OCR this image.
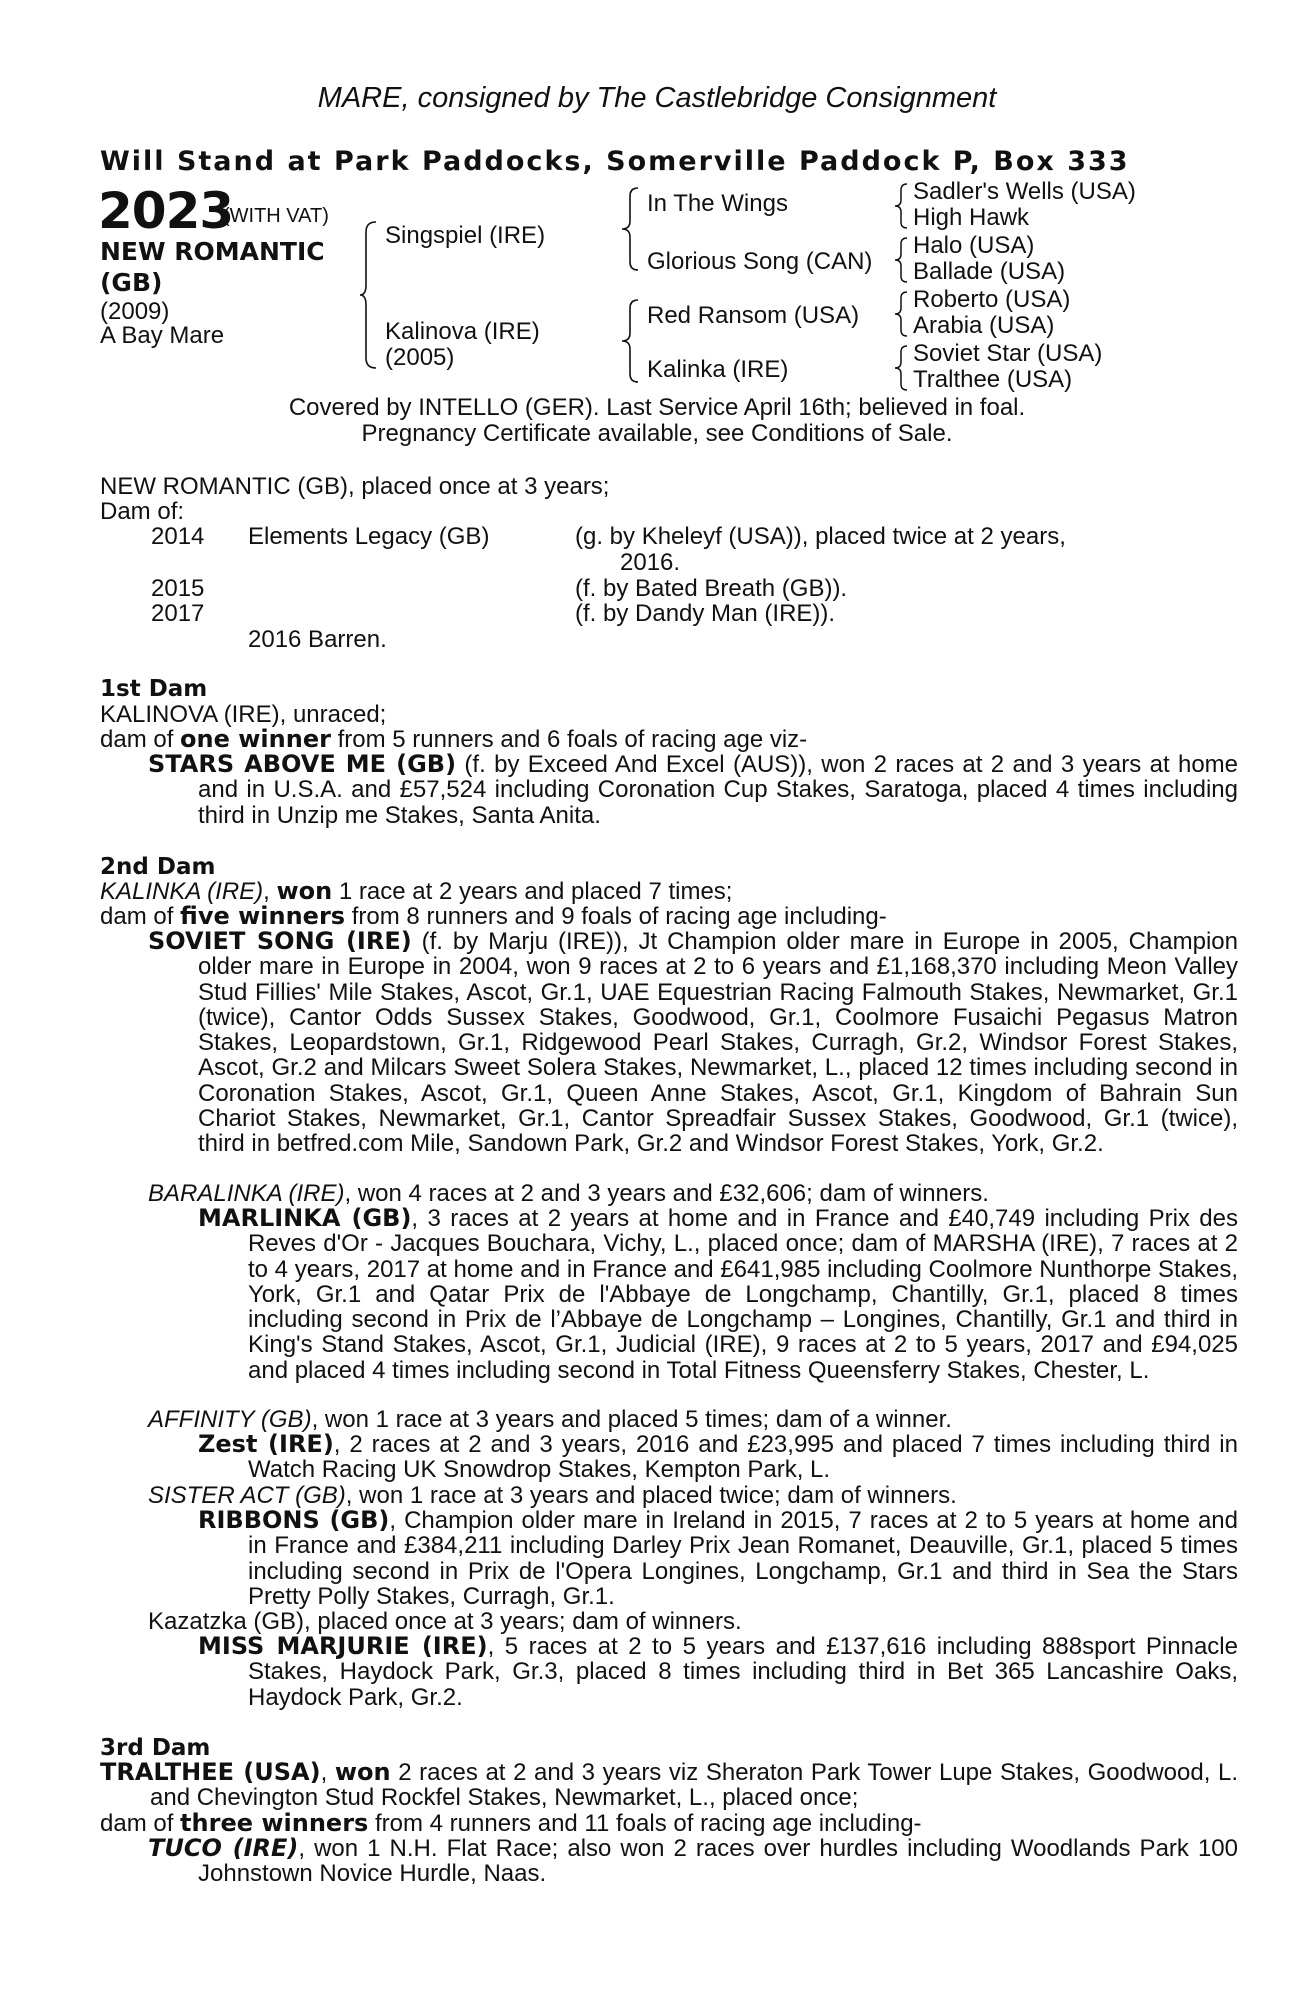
MARE, consigned by The Castlebridge Consignment
Will Stand at Park Paddocks, Somerville Paddock P, Box 333
2023
(WITH VAT)
NEW ROMANTIC (GB)
(2009)
A Bay Mare
Singspiel (IRE)
Kalinova (IRE)
(2005)
In The Wings
Glorious Song (CAN)
Red Ransom (USA)
Kalinka (IRE)
Sadler's Wells (USA)
High Hawk
Halo (USA)
Ballade (USA)
Roberto (USA)
Arabia (USA)
Soviet Star (USA)
Tralthee (USA)
Covered by INTELLO (GER). Last Service April 16th; believed in foal.
Pregnancy Certificate available, see Conditions of Sale.
NEW ROMANTIC (GB), placed once at 3 years;
Dam of:
2014 Elements Legacy (GB)	(g. by Kheleyf (USA)), placed twice at 2 years,
2016.
2015	(f. by Bated Breath (GB)).
2017	(f. by Dandy Man (IRE)).
2016 Barren.
1st Dam
KALINOVA (IRE), unraced;
dam of one winner from 5 runners and 6 foals of racing age viz-
STARS ABOVE ME (GB) (f. by Exceed And Excel (AUS)), won 2 races at 2 and 3 years at home and in U.S.A. and £57,524 including Coronation Cup Stakes, Saratoga, placed 4 times including third in Unzip me Stakes, Santa Anita.
2nd Dam
KALINKA (IRE), won 1 race at 2 years and placed 7 times;
dam of five winners from 8 runners and 9 foals of racing age including-
SOVIET SONG (IRE) (f. by Marju (IRE)), Jt Champion older mare in Europe in 2005, Champion older mare in Europe in 2004, won 9 races at 2 to 6 years and £1,168,370 including Meon Valley Stud Fillies' Mile Stakes, Ascot, Gr.1, UAE Equestrian Racing Falmouth Stakes, Newmarket, Gr.1 (twice), Cantor Odds Sussex Stakes, Goodwood, Gr.1, Coolmore Fusaichi Pegasus Matron Stakes, Leopardstown, Gr.1, Ridgewood Pearl Stakes, Curragh, Gr.2, Windsor Forest Stakes, Ascot, Gr.2 and Milcars Sweet Solera Stakes, Newmarket, L., placed 12 times including second in Coronation Stakes, Ascot, Gr.1, Queen Anne Stakes, Ascot, Gr.1, Kingdom of Bahrain Sun Chariot Stakes, Newmarket, Gr.1, Cantor Spreadfair Sussex Stakes, Goodwood, Gr.1 (twice), third in betfred.com Mile, Sandown Park, Gr.2 and Windsor Forest Stakes, York, Gr.2.
BARALINKA (IRE), won 4 races at 2 and 3 years and £32,606; dam of winners.
MARLINKA (GB), 3 races at 2 years at home and in France and £40,749 including Prix des Reves d'Or - Jacques Bouchara, Vichy, L., placed once; dam of MARSHA (IRE), 7 races at 2 to 4 years, 2017 at home and in France and £641,985 including Coolmore Nunthorpe Stakes, York, Gr.1 and Qatar Prix de l'Abbaye de Longchamp, Chantilly, Gr.1, placed 8 times including second in Prix de l’Abbaye de Longchamp – Longines, Chantilly, Gr.1 and third in King's Stand Stakes, Ascot, Gr.1, Judicial (IRE), 9 races at 2 to 5 years, 2017 and £94,025 and placed 4 times including second in Total Fitness Queensferry Stakes, Chester, L.
AFFINITY (GB), won 1 race at 3 years and placed 5 times; dam of a winner.
Zest (IRE), 2 races at 2 and 3 years, 2016 and £23,995 and placed 7 times including third in Watch Racing UK Snowdrop Stakes, Kempton Park, L.
SISTER ACT (GB), won 1 race at 3 years and placed twice; dam of winners.
RIBBONS (GB), Champion older mare in Ireland in 2015, 7 races at 2 to 5 years at home and in France and £384,211 including Darley Prix Jean Romanet, Deauville, Gr.1, placed 5 times including second in Prix de l'Opera Longines, Longchamp, Gr.1 and third in Sea the Stars Pretty Polly Stakes, Curragh, Gr.1.
Kazatzka (GB), placed once at 3 years; dam of winners.
MISS MARJURIE (IRE), 5 races at 2 to 5 years and £137,616 including 888sport Pinnacle Stakes, Haydock Park, Gr.3, placed 8 times including third in Bet 365 Lancashire Oaks, Haydock Park, Gr.2.
3rd Dam
TRALTHEE (USA), won 2 races at 2 and 3 years viz Sheraton Park Tower Lupe Stakes, Goodwood, L. and Chevington Stud Rockfel Stakes, Newmarket, L., placed once;
dam of three winners from 4 runners and 11 foals of racing age including-
TUCO (IRE), won 1 N.H. Flat Race; also won 2 races over hurdles including Woodlands Park 100 Johnstown Novice Hurdle, Naas.
